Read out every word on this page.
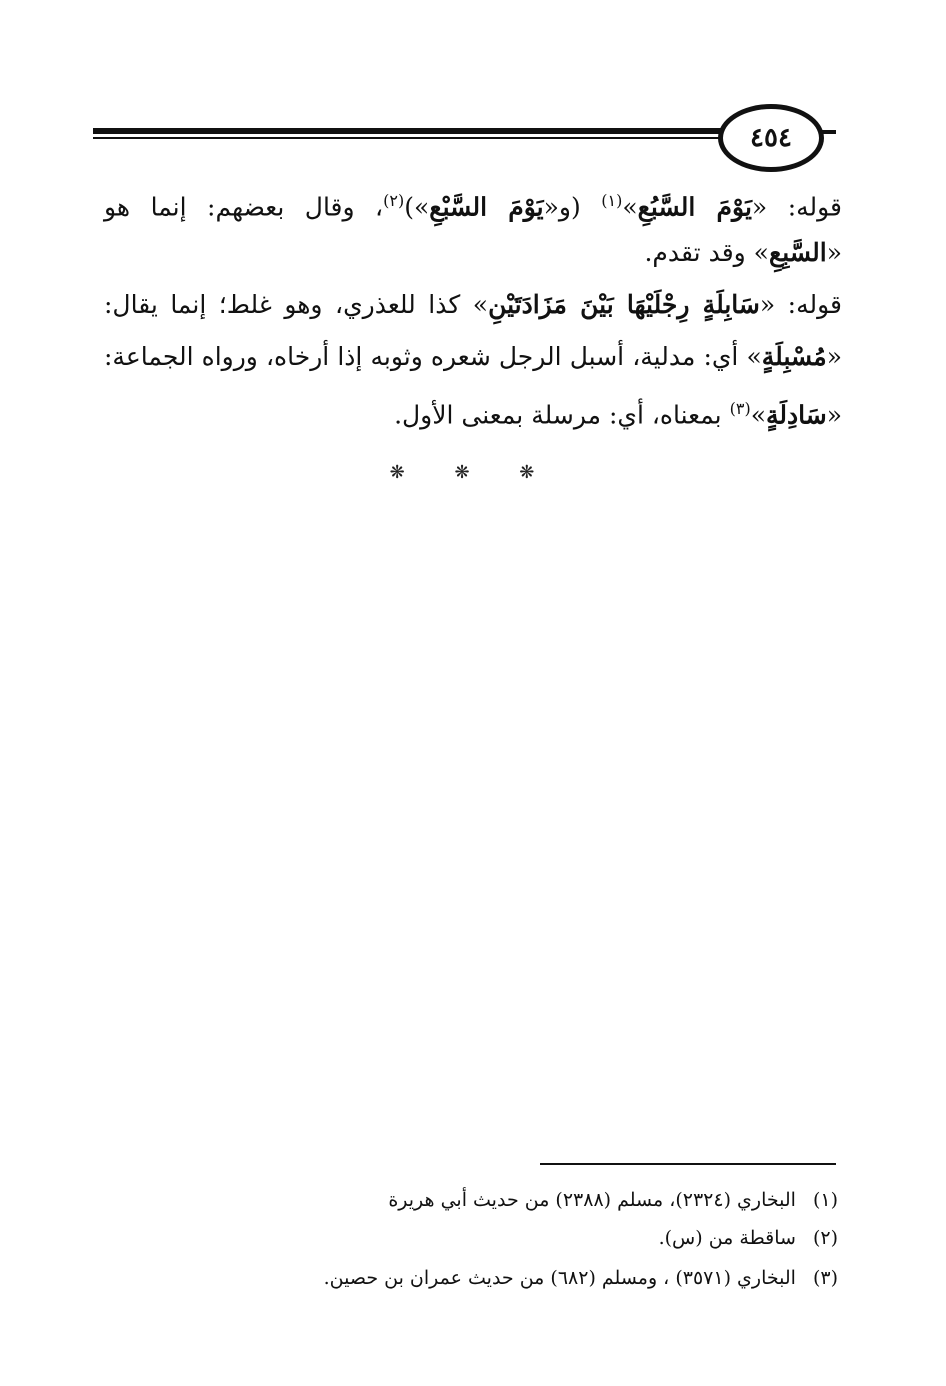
٤٥٤
قوله: «يَوْمَ السَّبُعِ»$^{(١)}$ (و«يَوْمَ السَّبْعِ»)$^{(٢)}$، وقال بعضهم: إنما هو
«السَّبِعِ» وقد تقدم.
قوله: «سَابِلَةٍ رِجْلَيْهَا بَيْنَ مَزَادَتَيْنِ» كذا للعذري، وهو غلط؛ إنما يقال:
«مُسْبِلَةٍ» أي: مدلية، أسبل الرجل شعره وثوبه إذا أرخاه، ورواه الجماعة:
«سَادِلَةٍ»$^{(٣)}$ بمعناه، أي: مرسلة بمعنى الأول.
❋ ❋ ❋
(١) البخاري (٢٣٢٤)، مسلم (٢٣٨٨) من حديث أبي هريرة
(٢) ساقطة من (س).
(٣) البخاري (٣٥٧١) ، ومسلم (٦٨٢) من حديث عمران بن حصين.
